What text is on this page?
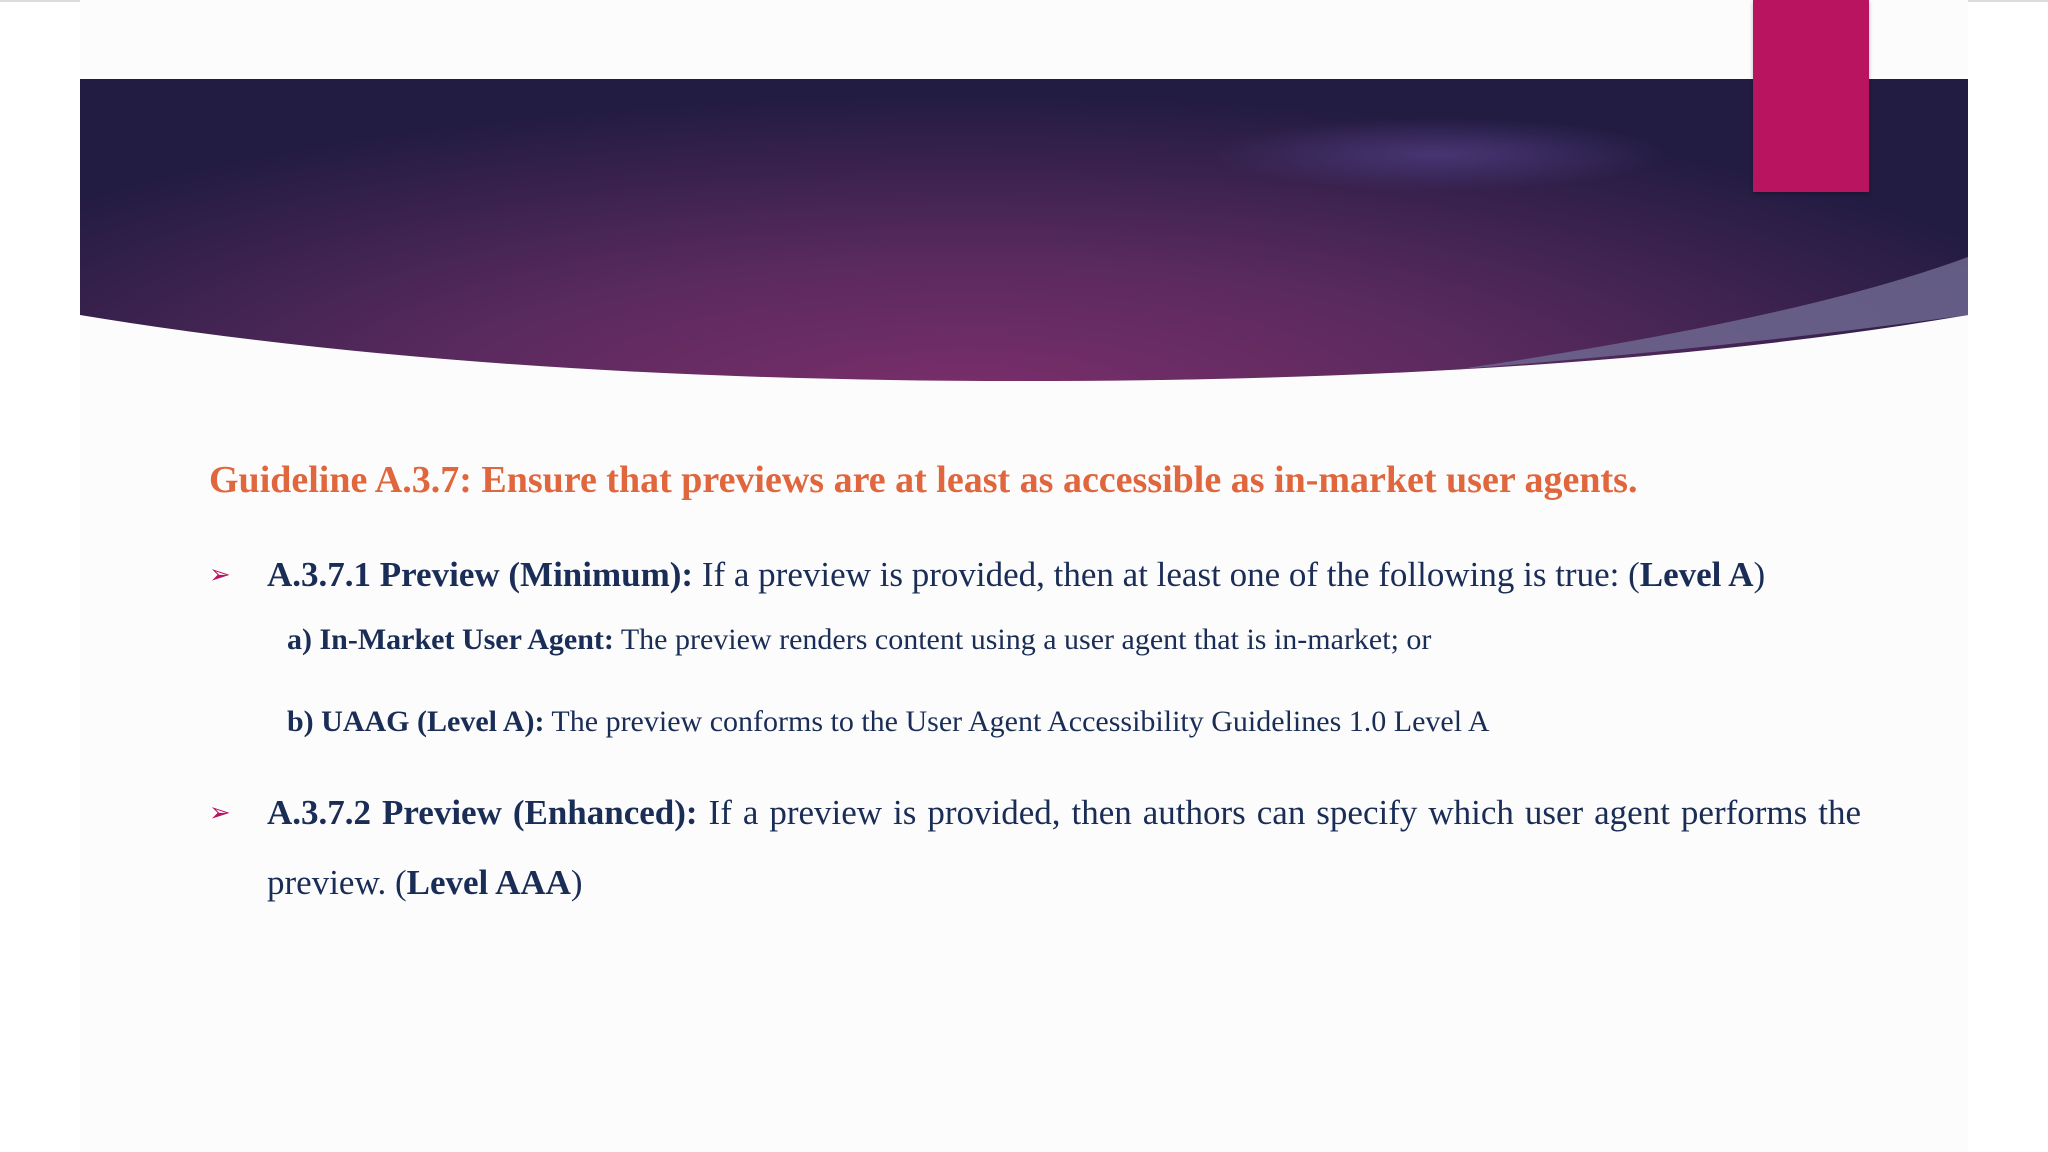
Guideline A.3.7: Ensure that previews are at least as accessible as in-market user agents.
➢ A.3.7.1 Preview (Minimum): If a preview is provided, then at least one of the following is true: (Level A)
a) In-Market User Agent: The preview renders content using a user agent that is in-market; or
b) UAAG (Level A): The preview conforms to the User Agent Accessibility Guidelines 1.0 Level A
➢ A.3.7.2 Preview (Enhanced): If a preview is provided, then authors can specify which user agent performs the preview. (Level AAA)
